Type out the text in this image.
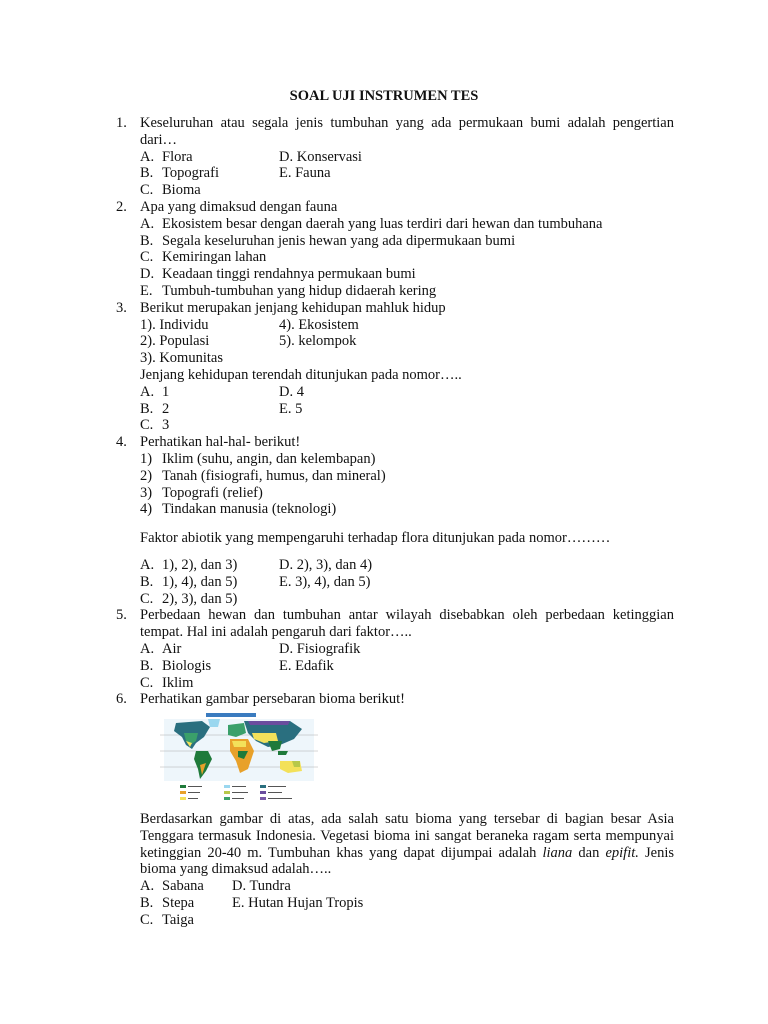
SOAL UJI INSTRUMEN TES
1. Keseluruhan atau segala jenis tumbuhan yang ada permukaan bumi adalah pengertian dari…
A. Flora	D. Konservasi
B. Topografi	E. Fauna
C. Bioma
2. Apa yang dimaksud dengan fauna
A. Ekosistem besar dengan daerah yang luas terdiri dari hewan dan tumbuhana
B. Segala keseluruhan jenis hewan yang ada dipermukaan bumi
C. Kemiringan lahan
D. Keadaan tinggi rendahnya permukaan bumi
E. Tumbuh-tumbuhan yang hidup didaerah kering
3. Berikut merupakan jenjang kehidupan mahluk hidup
1). Individu	4). Ekosistem
2). Populasi	5). kelompok
3). Komunitas
Jenjang kehidupan terendah ditunjukan pada nomor…..
A. 1	D. 4
B. 2	E. 5
C. 3
4. Perhatikan hal-hal- berikut!
1) Iklim (suhu, angin, dan kelembapan)
2) Tanah (fisiografi, humus, dan mineral)
3) Topografi (relief)
4) Tindakan manusia (teknologi)
Faktor abiotik yang mempengaruhi terhadap flora ditunjukan pada nomor………
A. 1), 2), dan 3)	D. 2), 3), dan 4)
B. 1), 4), dan 5)	E. 3), 4), dan 5)
C. 2), 3), dan 5)
5. Perbedaan hewan dan tumbuhan antar wilayah disebabkan oleh perbedaan ketinggian tempat. Hal ini adalah pengaruh dari faktor…..
A. Air	D. Fisiografik
B. Biologis	E. Edafik
C. Iklim
6. Perhatikan gambar persebaran bioma berikut!
Berdasarkan gambar di atas, ada salah satu bioma yang tersebar di bagian besar Asia Tenggara termasuk Indonesia. Vegetasi bioma ini sangat beraneka ragam serta mempunyai ketinggian 20-40 m. Tumbuhan khas yang dapat dijumpai adalah liana dan epifit. Jenis bioma yang dimaksud adalah…..
A. Sabana D. Tundra
B. Stepa	E. Hutan Hujan Tropis
C. Taiga
